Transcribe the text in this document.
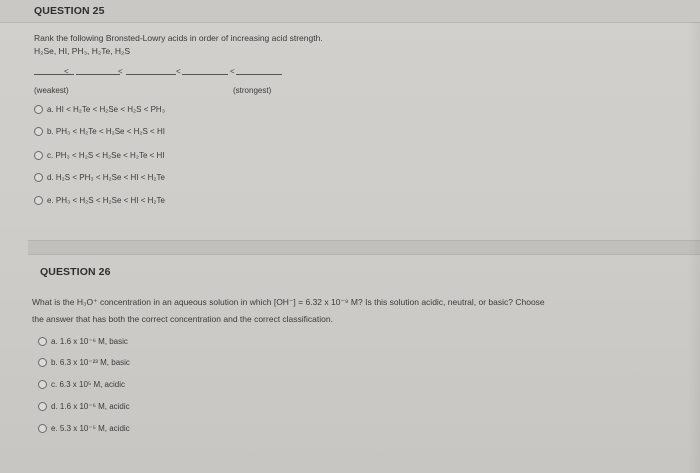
QUESTION 25
Rank the following Bronsted-Lowry acids in order of increasing acid strength.
H₂Se, HI, PH₃, H₂Te, H₂S
<	<	<	<
(weakest)	(strongest)
a. HI < H₂Te < H₂Se < H₂S < PH₃
b. PH₃ < H₂Te < H₂Se < H₂S < HI
c. PH₃ < H₂S < H₂Se < H₂Te < HI
d. H₂S < PH₃ < H₂Se < HI < H₂Te
e. PH₃ < H₂S < H₂Se < HI < H₂Te
QUESTION 26
What is the H₃O⁺ concentration in an aqueous solution in which [OH⁻] = 6.32 x 10⁻⁹ M? Is this solution acidic, neutral, or basic? Choose
the answer that has both the correct concentration and the correct classification.
a. 1.6 x 10⁻⁶ M, basic
b. 6.3 x 10⁻²³ M, basic
c. 6.3 x 10⁵ M, acidic
d. 1.6 x 10⁻⁶ M, acidic
e. 5.3 x 10⁻⁵ M, acidic
